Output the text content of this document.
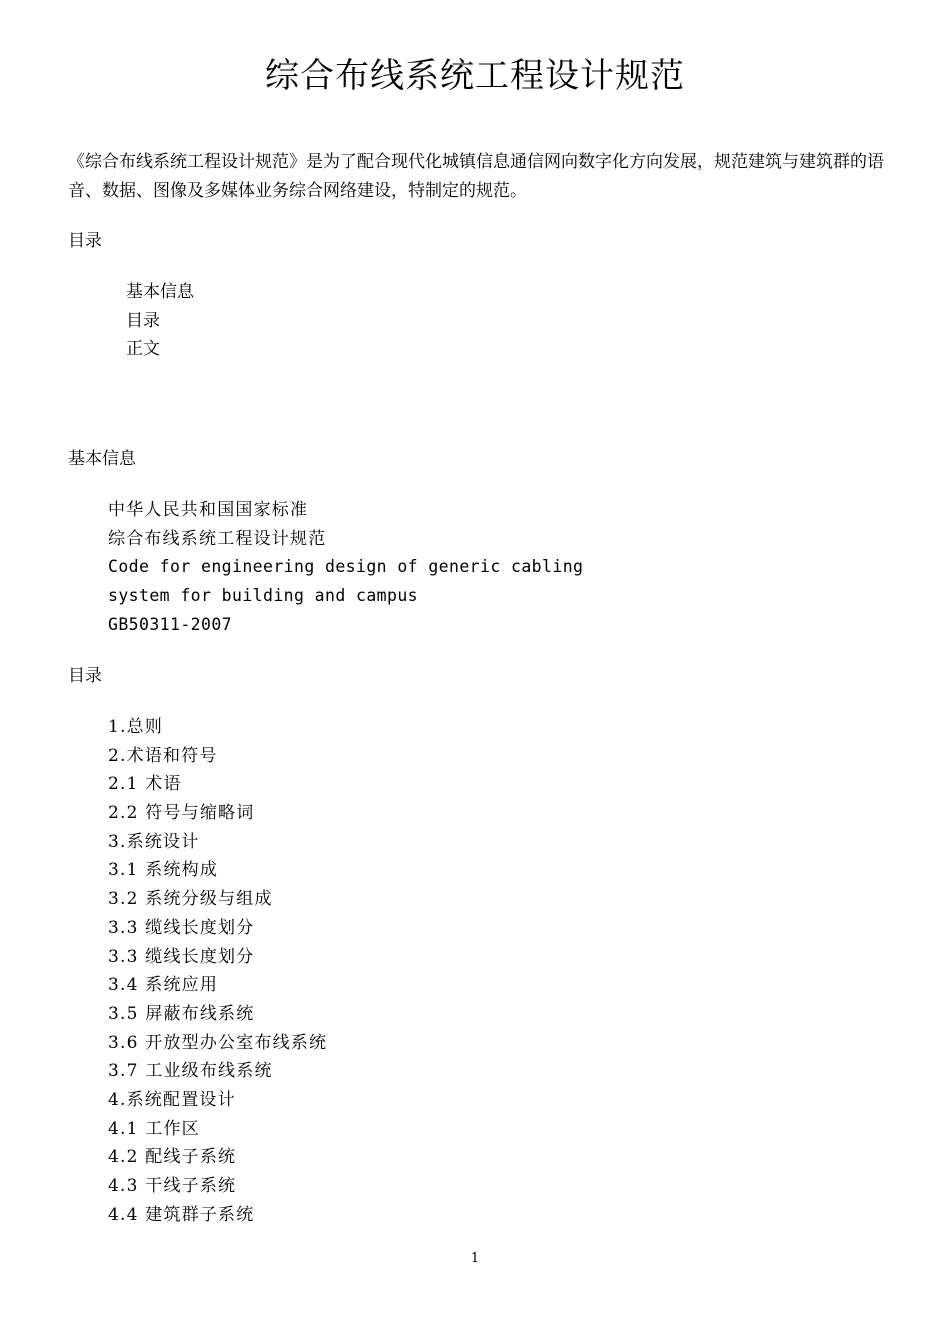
综合布线系统工程设计规范

《综合布线系统工程设计规范》是为了配合现代化城镇信息通信网向数字化方向发展，规范建筑与建筑群的语音、数据、图像及多媒体业务综合网络建设，特制定的规范。

目录
基本信息
目录
正文
基本信息
中华人民共和国国家标准
综合布线系统工程设计规范
Code for engineering design of generic cabling
system for building and campus
GB50311-2007
目录
1.总则
2.术语和符号
2.1 术语
2.2 符号与缩略词
3.系统设计
3.1 系统构成
3.2 系统分级与组成
3.3 缆线长度划分
3.3 缆线长度划分
3.4 系统应用
3.5 屏蔽布线系统
3.6 开放型办公室布线系统
3.7 工业级布线系统
4.系统配置设计
4.1 工作区
4.2 配线子系统
4.3 干线子系统
4.4 建筑群子系统
1
